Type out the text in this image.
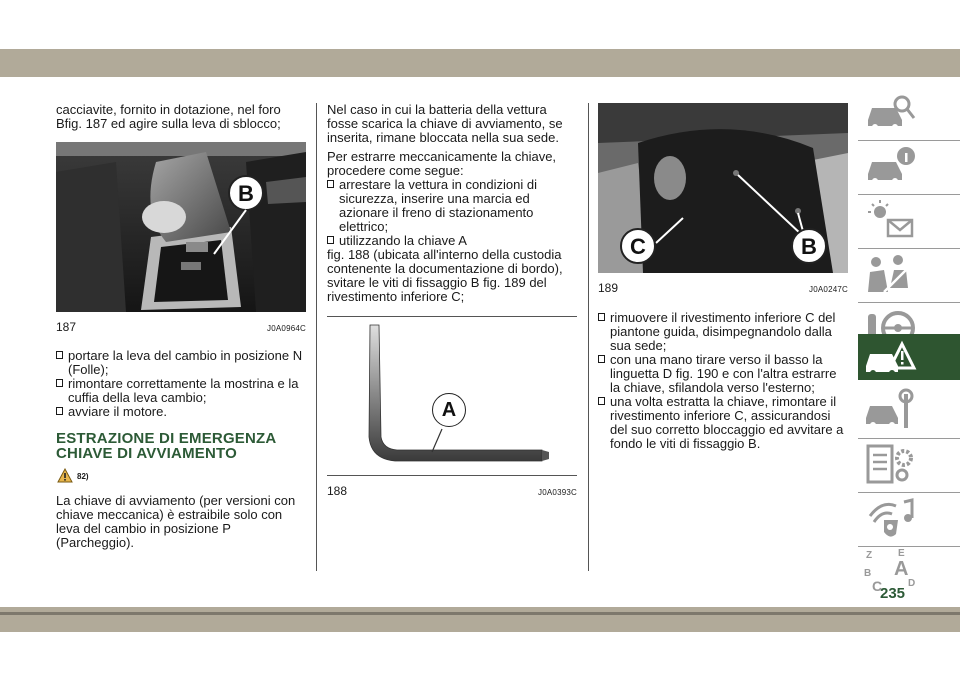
cacciavite, fornito in dotazione, nel foro Bfig. 187 ed agire sulla leva di sblocco;
B
187	J0A0964C
portare la leva del cambio in posizione N (Folle);
rimontare correttamente la mostrina e la cuffia della leva cambio;
avviare il motore.
ESTRAZIONE DI EMERGENZA
CHIAVE DI AVVIAMENTO
82)
La chiave di avviamento (per versioni con chiave meccanica) è estraibile solo con leva del cambio in posizione P (Parcheggio).
Nel caso in cui la batteria della vettura fosse scarica la chiave di avviamento, se inserita, rimane bloccata nella sua sede.
Per estrarre meccanicamente la chiave, procedere come segue:
arrestare la vettura in condizioni di sicurezza, inserire una marcia ed azionare il freno di stazionamento elettrico;
utilizzando la chiave A
fig. 188 (ubicata all'interno della custodia contenente la documentazione di bordo), svitare le viti di fissaggio B fig. 189 del rivestimento inferiore C;
A
188	J0A0393C
C	B
189	J0A0247C
rimuovere il rivestimento inferiore C del piantone guida, disimpegnandolo dalla sua sede;
con una mano tirare verso il basso la linguetta D fig. 190 e con l'altra estrarre la chiave, sfilandola verso l'esterno;
una volta estratta la chiave, rimontare il rivestimento inferiore C, assicurandosi del suo corretto bloccaggio ed avvitare a fondo le viti di fissaggio B.
Z	E
B A
C	D
235
